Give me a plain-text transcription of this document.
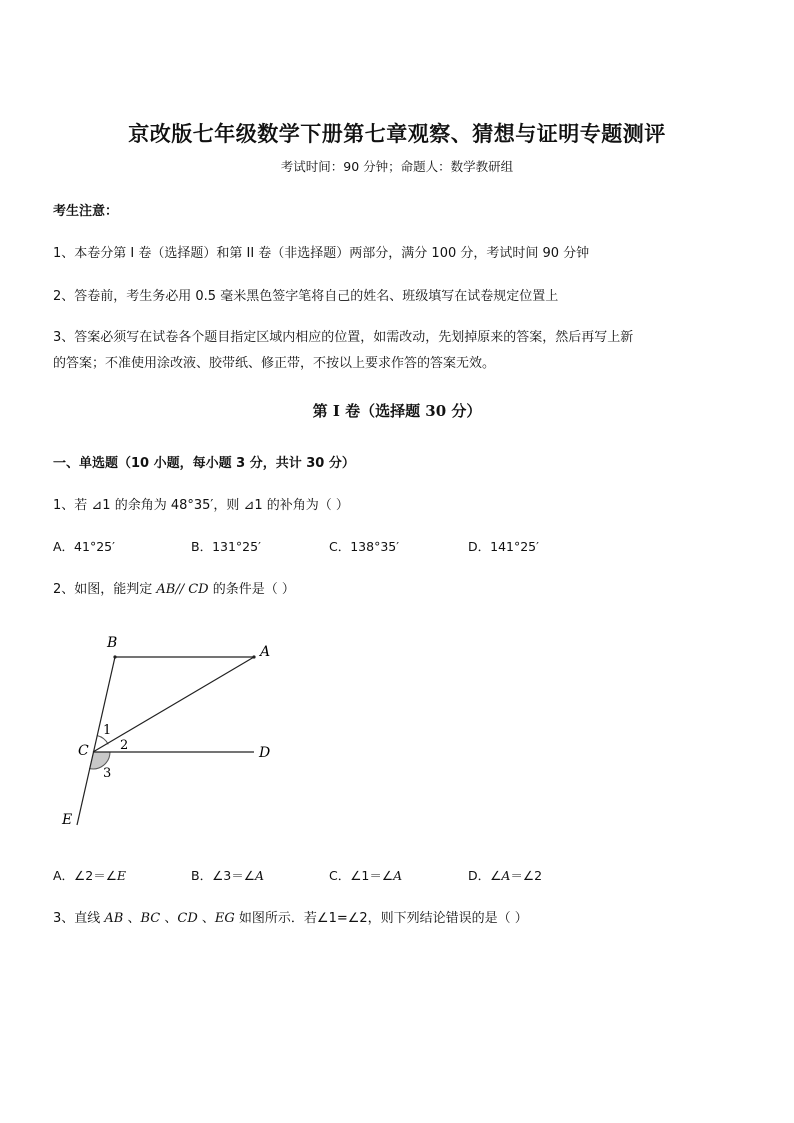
京改版七年级数学下册第七章观察、猜想与证明专题测评
考试时间：90 分钟；命题人：数学教研组
考生注意：
1、本卷分第 I 卷（选择题）和第 II 卷（非选择题）两部分，满分 100 分，考试时间 90 分钟
2、答卷前，考生务必用 0.5 毫米黑色签字笔将自己的姓名、班级填写在试卷规定位置上
3、答案必须写在试卷各个题目指定区域内相应的位置，如需改动，先划掉原来的答案，然后再写上新
的答案；不准使用涂改液、胶带纸、修正带，不按以上要求作答的答案无效。
第 I 卷（选择题 30 分）
一、单选题（10 小题，每小题 3 分，共计 30 分）
1、若 ⊿1 的余角为 48°35′，则 ⊿1 的补角为（ ）
A．41°25′	B．131°25′	C．138°35′	D．141°25′
2、如图，能判定 AB// CD 的条件是（ ）
B
A
C	D
E
1
2
3
A．∠2＝∠E	B．∠3＝∠A	C．∠1＝∠A	D．∠A＝∠2
3、直线 AB 、BC 、CD 、EG 如图所示．若∠1=∠2，则下列结论错误的是（ ）
